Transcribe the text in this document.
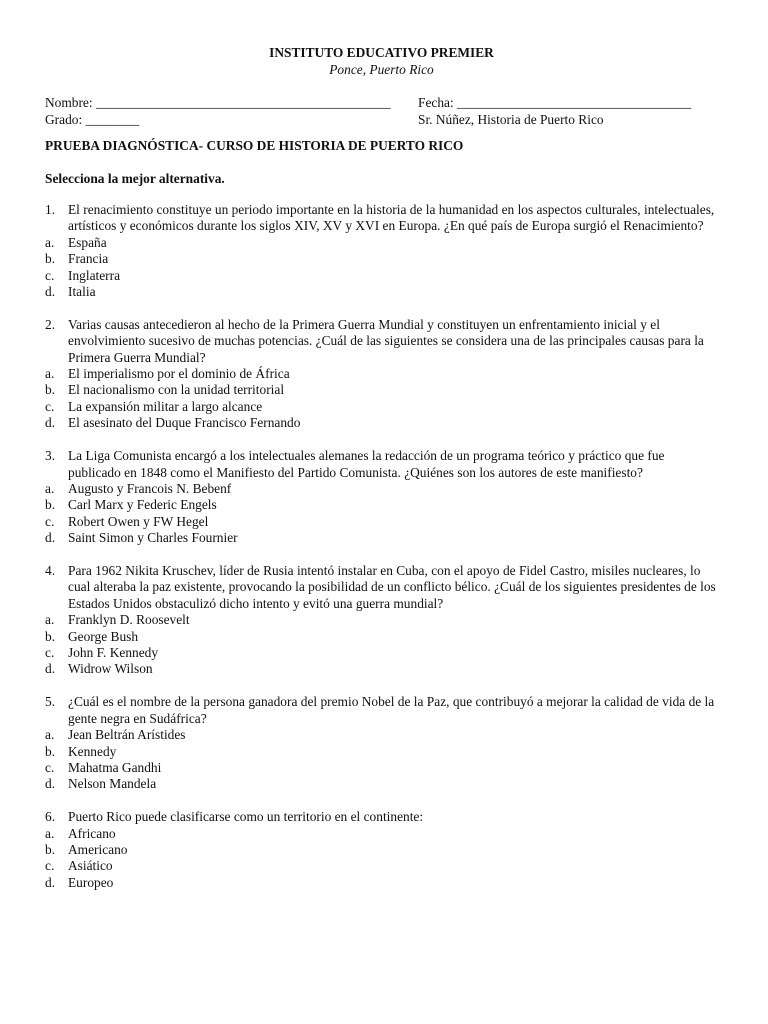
INSTITUTO EDUCATIVO PREMIER
Ponce, Puerto Rico
Nombre: ____________________________________________ Fecha: ___________________________________
Grado: ________	Sr. Núñez, Historia de Puerto Rico
PRUEBA DIAGNÓSTICA- CURSO DE HISTORIA DE PUERTO RICO
Selecciona la mejor alternativa.
1. El renacimiento constituye un periodo importante en la historia de la humanidad en los aspectos culturales, intelectuales, artísticos y económicos durante los siglos XIV, XV y XVI en Europa. ¿En qué país de Europa surgió el Renacimiento?
a. España
b. Francia
c. Inglaterra
d. Italia
2. Varias causas antecedieron al hecho de la Primera Guerra Mundial y constituyen un enfrentamiento inicial y el envolvimiento sucesivo de muchas potencias. ¿Cuál de las siguientes se considera una de las principales causas para la Primera Guerra Mundial?
a. El imperialismo por el dominio de África
b. El nacionalismo con la unidad territorial
c. La expansión militar a largo alcance
d. El asesinato del Duque Francisco Fernando
3. La Liga Comunista encargó a los intelectuales alemanes la redacción de un programa teórico y práctico que fue publicado en 1848 como el Manifiesto del Partido Comunista. ¿Quiénes son los autores de este manifiesto?
a. Augusto y Francois N. Bebenf
b. Carl Marx y Federic Engels
c. Robert Owen y FW Hegel
d. Saint Simon y Charles Fournier
4. Para 1962 Nikita Kruschev, líder de Rusia intentó instalar en Cuba, con el apoyo de Fidel Castro, misiles nucleares, lo cual alteraba la paz existente, provocando la posibilidad de un conflicto bélico. ¿Cuál de los siguientes presidentes de los Estados Unidos obstaculizó dicho intento y evitó una guerra mundial?
a. Franklyn D. Roosevelt
b. George Bush
c. John F. Kennedy
d. Widrow Wilson
5. ¿Cuál es el nombre de la persona ganadora del premio Nobel de la Paz, que contribuyó a mejorar la calidad de vida de la gente negra en Sudáfrica?
a. Jean Beltrán Arístides
b. Kennedy
c. Mahatma Gandhi
d. Nelson Mandela
6. Puerto Rico puede clasificarse como un territorio en el continente:
a. Africano
b. Americano
c. Asiático
d. Europeo
